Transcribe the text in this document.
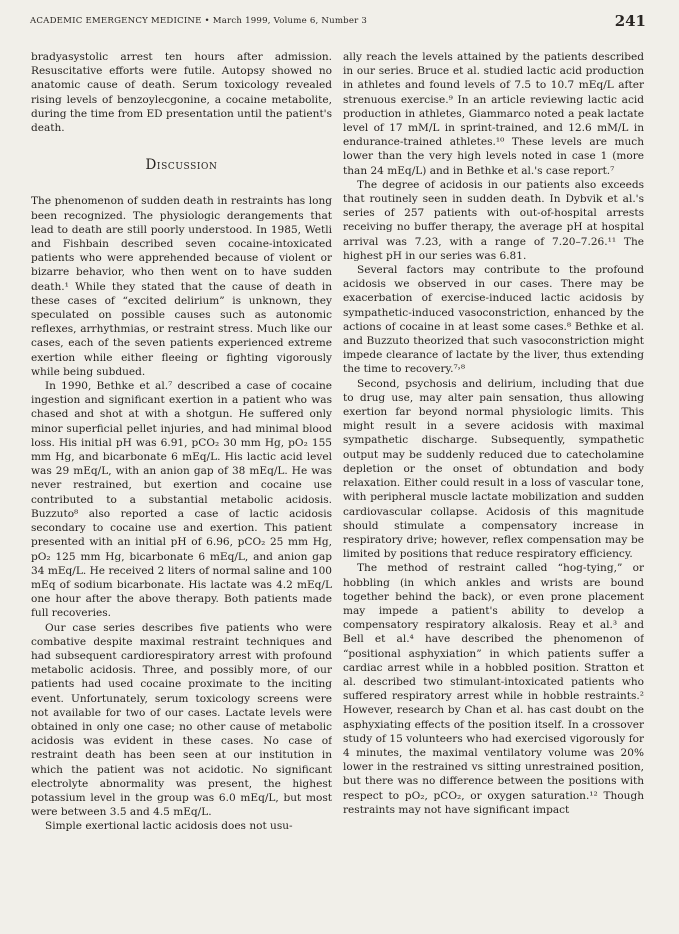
ACADEMIC EMERGENCY MEDICINE • March 1999, Volume 6, Number 3	241

bradyasystolic arrest ten hours after admission. Resuscitative efforts were futile. Autopsy showed no anatomic cause of death. Serum toxicology revealed rising levels of benzoylecgonine, a cocaine metabolite, during the time from ED presentation until the patient's death.

Discussion

The phenomenon of sudden death in restraints has long been recognized. The physiologic derangements that lead to death are still poorly understood. In 1985, Wetli and Fishbain described seven cocaine-intoxicated patients who were apprehended because of violent or bizarre behavior, who then went on to have sudden death.¹ While they stated that the cause of death in these cases of “excited delirium” is unknown, they speculated on possible causes such as autonomic reflexes, arrhythmias, or restraint stress. Much like our cases, each of the seven patients experienced extreme exertion while either fleeing or fighting vigorously while being subdued.

In 1990, Bethke et al.⁷ described a case of cocaine ingestion and significant exertion in a patient who was chased and shot at with a shotgun. He suffered only minor superficial pellet injuries, and had minimal blood loss. His initial pH was 6.91, pCO₂ 30 mm Hg, pO₂ 155 mm Hg, and bicarbonate 6 mEq/L. His lactic acid level was 29 mEq/L, with an anion gap of 38 mEq/L. He was never restrained, but exertion and cocaine use contributed to a substantial metabolic acidosis. Buzzuto⁸ also reported a case of lactic acidosis secondary to cocaine use and exertion. This patient presented with an initial pH of 6.96, pCO₂ 25 mm Hg, pO₂ 125 mm Hg, bicarbonate 6 mEq/L, and anion gap 34 mEq/L. He received 2 liters of normal saline and 100 mEq of sodium bicarbonate. His lactate was 4.2 mEq/L one hour after the above therapy. Both patients made full recoveries.

Our case series describes five patients who were combative despite maximal restraint techniques and had subsequent cardiorespiratory arrest with profound metabolic acidosis. Three, and possibly more, of our patients had used cocaine proximate to the inciting event. Unfortunately, serum toxicology screens were not available for two of our cases. Lactate levels were obtained in only one case; no other cause of metabolic acidosis was evident in these cases. No case of restraint death has been seen at our institution in which the patient was not acidotic. No significant electrolyte abnormality was present, the highest potassium level in the group was 6.0 mEq/L, but most were between 3.5 and 4.5 mEq/L.

Simple exertional lactic acidosis does not usu-

ally reach the levels attained by the patients described in our series. Bruce et al. studied lactic acid production in athletes and found levels of 7.5 to 10.7 mEq/L after strenuous exercise.⁹ In an article reviewing lactic acid production in athletes, Giammarco noted a peak lactate level of 17 mM/L in sprint-trained, and 12.6 mM/L in endurance-trained athletes.¹⁰ These levels are much lower than the very high levels noted in case 1 (more than 24 mEq/L) and in Bethke et al.'s case report.⁷

The degree of acidosis in our patients also exceeds that routinely seen in sudden death. In Dybvik et al.'s series of 257 patients with out-of-hospital arrests receiving no buffer therapy, the average pH at hospital arrival was 7.23, with a range of 7.20–7.26.¹¹ The highest pH in our series was 6.81.

Several factors may contribute to the profound acidosis we observed in our cases. There may be exacerbation of exercise-induced lactic acidosis by sympathetic-induced vasoconstriction, enhanced by the actions of cocaine in at least some cases.⁸ Bethke et al. and Buzzuto theorized that such vasoconstriction might impede clearance of lactate by the liver, thus extending the time to recovery.⁷˒⁸

Second, psychosis and delirium, including that due to drug use, may alter pain sensation, thus allowing exertion far beyond normal physiologic limits. This might result in a severe acidosis with maximal sympathetic discharge. Subsequently, sympathetic output may be suddenly reduced due to catecholamine depletion or the onset of obtundation and body relaxation. Either could result in a loss of vascular tone, with peripheral muscle lactate mobilization and sudden cardiovascular collapse. Acidosis of this magnitude should stimulate a compensatory increase in respiratory drive; however, reflex compensation may be limited by positions that reduce respiratory efficiency.

The method of restraint called “hog-tying,” or hobbling (in which ankles and wrists are bound together behind the back), or even prone placement may impede a patient's ability to develop a compensatory respiratory alkalosis. Reay et al.³ and Bell et al.⁴ have described the phenomenon of “positional asphyxiation” in which patients suffer a cardiac arrest while in a hobbled position. Stratton et al. described two stimulant-intoxicated patients who suffered respiratory arrest while in hobble restraints.² However, research by Chan et al. has cast doubt on the asphyxiating effects of the position itself. In a crossover study of 15 volunteers who had exercised vigorously for 4 minutes, the maximal ventilatory volume was 20% lower in the restrained vs sitting unrestrained position, but there was no difference between the positions with respect to pO₂, pCO₂, or oxygen saturation.¹² Though restraints may not have significant impact
